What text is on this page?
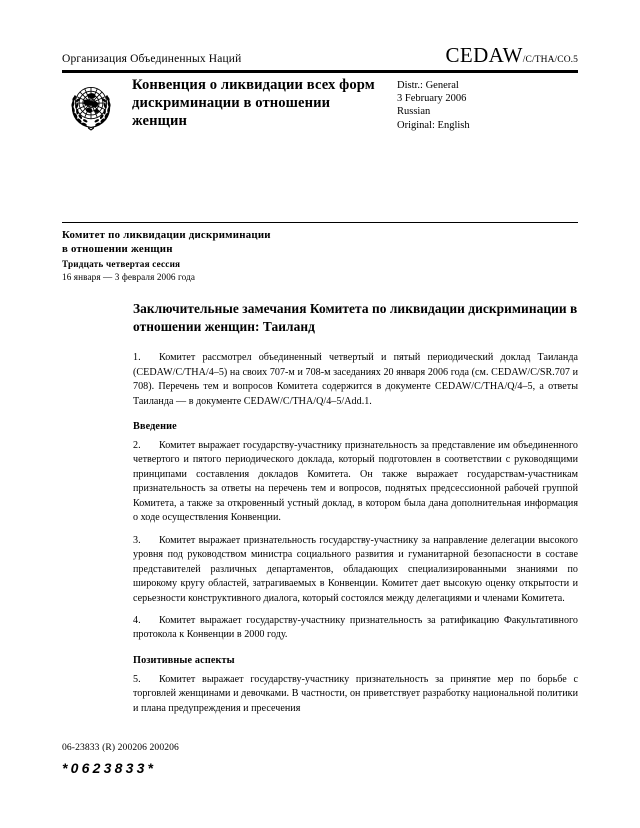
Организация Объединенных Наций	CEDAW /C/THA/CO.5
Конвенция о ликвидации всех форм дискриминации в отношении женщин
Distr.: General
3 February 2006
Russian
Original: English
Комитет по ликвидации дискриминации
в отношении женщин
Тридцать четвертая сессия
16 января — 3 февраля 2006 года
Заключительные замечания Комитета по ликвидации дискриминации в отношении женщин: Таиланд

1. Комитет рассмотрел объединенный четвертый и пятый периодический доклад Таиланда (CEDAW/C/THA/4–5) на своих 707-м и 708-м заседаниях 20 января 2006 года (см. CEDAW/C/SR.707 и 708). Перечень тем и вопросов Комитета содержится в документе CEDAW/C/THA/Q/4–5, а ответы Таиланда — в документе CEDAW/C/THA/Q/4–5/Add.1.

Введение

2. Комитет выражает государству-участнику признательность за представление им объединенного четвертого и пятого периодического доклада, который подготовлен в соответствии с руководящими принципами составления докладов Комитета. Он также выражает государствам-участникам признательность за ответы на перечень тем и вопросов, поднятых предсессионной рабочей группой Комитета, а также за откровенный устный доклад, в котором была дана дополнительная информация о ходе осуществления Конвенции.

3. Комитет выражает признательность государству-участнику за направление делегации высокого уровня под руководством министра социального развития и гуманитарной безопасности в составе представителей различных департаментов, обладающих специализированными знаниями по широкому кругу областей, затрагиваемых в Конвенции. Комитет дает высокую оценку открытости и серьезности конструктивного диалога, который состоялся между делегациями и членами Комитета.

4. Комитет выражает государству-участнику признательность за ратификацию Факультативного протокола к Конвенции в 2000 году.

Позитивные аспекты

5. Комитет выражает государству-участнику признательность за принятие мер по борьбе с торговлей женщинами и девочками. В частности, он приветствует разработку национальной политики и плана предупреждения и пресечения

06-23833 (R) 200206 200206
*0623833*
